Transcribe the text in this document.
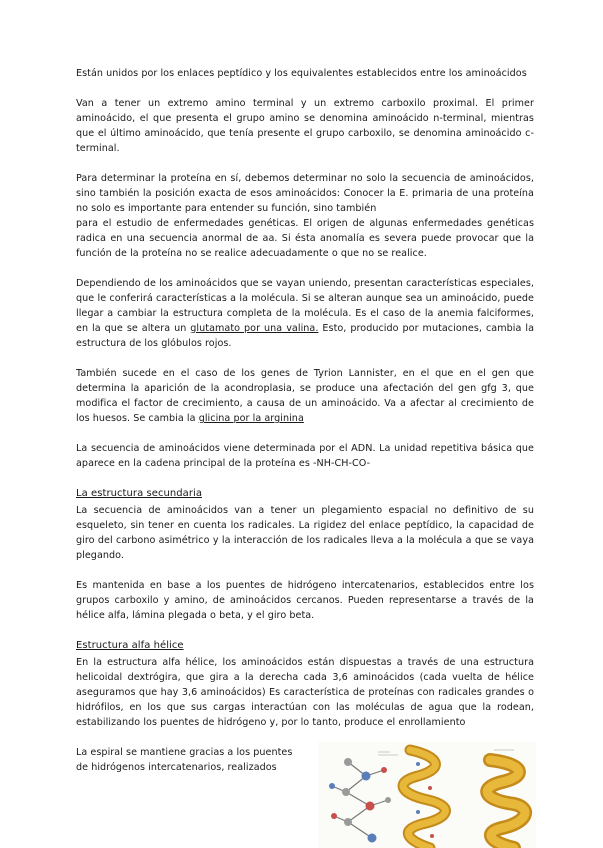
Están unidos por los enlaces peptídico y los equivalentes establecidos entre los aminoácidos

Van a tener un extremo amino terminal y un extremo carboxilo proximal. El primer aminoácido, el que presenta el grupo amino se denomina aminoácido n-terminal, mientras que el último aminoácido, que tenía presente el grupo carboxilo, se denomina aminoácido c-terminal.

Para determinar la proteína en sí, debemos determinar no solo la secuencia de aminoácidos, sino también la posición exacta de esos aminoácidos: Conocer la E. primaria de una proteína no solo es importante para entender su función, sino también
para el estudio de enfermedades genéticas. El origen de algunas enfermedades genéticas radica en una secuencia anormal de aa. Si ésta anomalía es severa puede provocar que la función de la proteína no se realice adecuadamente o que no se realice.

Dependiendo de los aminoácidos que se vayan uniendo, presentan características especiales, que le conferirá características a la molécula. Si se alteran aunque sea un aminoácido, puede llegar a cambiar la estructura completa de la molécula. Es el caso de la anemia falciformes, en la que se altera un glutamato por una valina. Esto, producido por mutaciones, cambia la estructura de los glóbulos rojos.

También sucede en el caso de los genes de Tyrion Lannister, en el que en el gen que determina la aparición de la acondroplasia, se produce una afectación del gen gfg 3, que modifica el factor de crecimiento, a causa de un aminoácido. Va a afectar al crecimiento de los huesos. Se cambia la glicina por la arginina

La secuencia de aminoácidos viene determinada por el ADN. La unidad repetitiva básica que aparece en la cadena principal de la proteína es -NH-CH-CO-

La estructura secundaria

La secuencia de aminoácidos van a tener un plegamiento espacial no definitivo de su esqueleto, sin tener en cuenta los radicales. La rigidez del enlace peptídico, la capacidad de giro del carbono asimétrico y la interacción de los radicales lleva a la molécula a que se vaya plegando.

Es mantenida en base a los puentes de hidrógeno intercatenarios, establecidos entre los grupos carboxilo y amino, de aminoácidos cercanos. Pueden representarse a través de la hélice alfa, lámina plegada o beta, y el giro beta.

Estructura alfa hélice

En la estructura alfa hélice, los aminoácidos están dispuestas a través de una estructura helicoidal dextrógira, que gira a la derecha cada 3,6 aminoácidos (cada vuelta de hélice aseguramos que hay 3,6 aminoácidos) Es característica de proteínas con radicales grandes o hidrófilos, en los que sus cargas interactúan con las moléculas de agua que la rodean, estabilizando los puentes de hidrógeno y, por lo tanto, produce el enrollamiento

La espiral se mantiene gracias a los puentes
de hidrógenos intercatenarios, realizados
